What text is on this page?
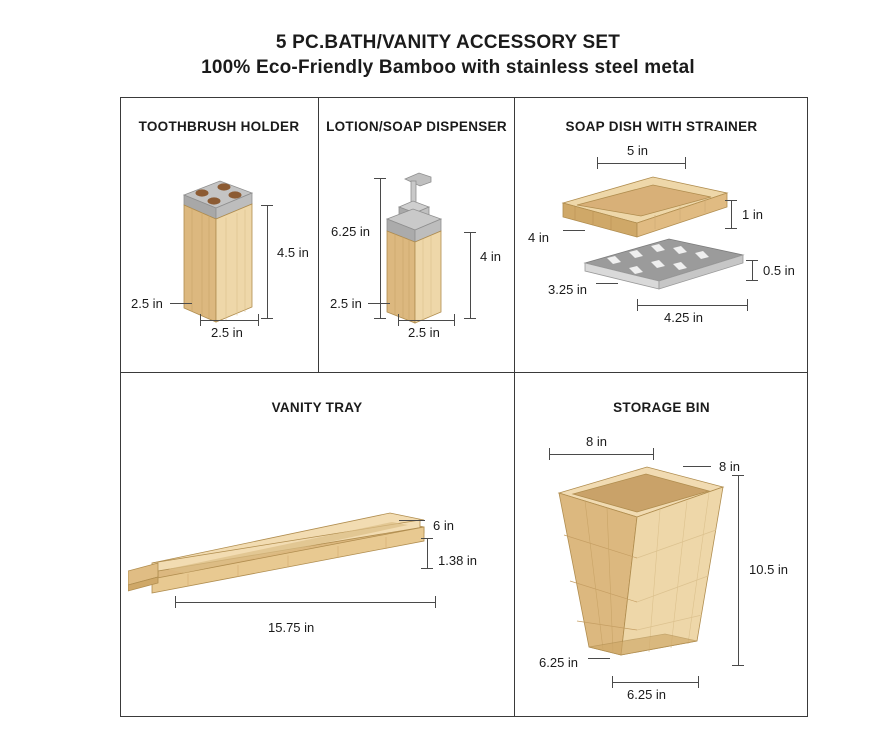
5 PC.BATH/VANITY ACCESSORY SET
100% Eco-Friendly Bamboo with stainless steel metal
TOOTHBRUSH HOLDER
4.5 in
2.5 in
2.5 in
LOTION/SOAP DISPENSER
6.25 in
4 in
2.5 in
2.5 in
SOAP DISH WITH STRAINER
5 in
4 in
1 in
3.25 in
0.5 in
4.25 in
VANITY TRAY
6 in
1.38 in
15.75 in
STORAGE BIN
8 in
8 in
10.5 in
6.25 in
6.25 in
